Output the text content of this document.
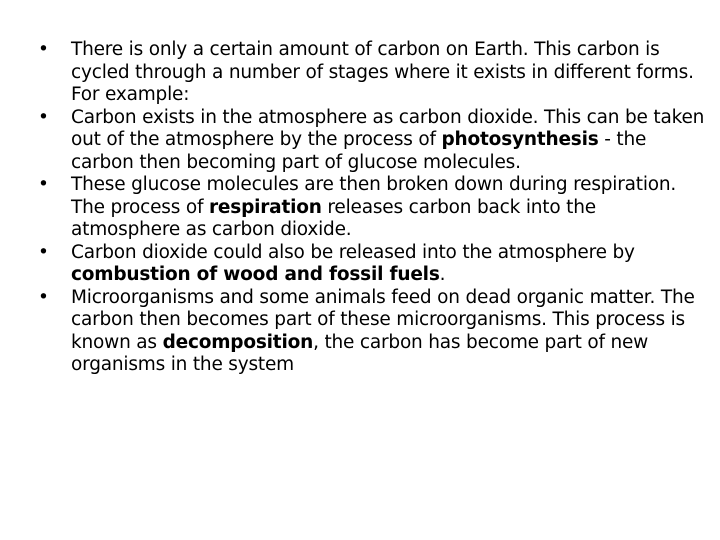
•	There is only a certain amount of carbon on Earth. This carbon is cycled through a number of stages where it exists in different forms. For example:
•	Carbon exists in the atmosphere as carbon dioxide. This can be taken out of the atmosphere by the process of photosynthesis - the carbon then becoming part of glucose molecules.
•	These glucose molecules are then broken down during respiration. The process of respiration releases carbon back into the atmosphere as carbon dioxide.
•	Carbon dioxide could also be released into the atmosphere by combustion of wood and fossil fuels.
•	Microorganisms and some animals feed on dead organic matter. The carbon then becomes part of these microorganisms. This process is known as decomposition, the carbon has become part of new organisms in the system
